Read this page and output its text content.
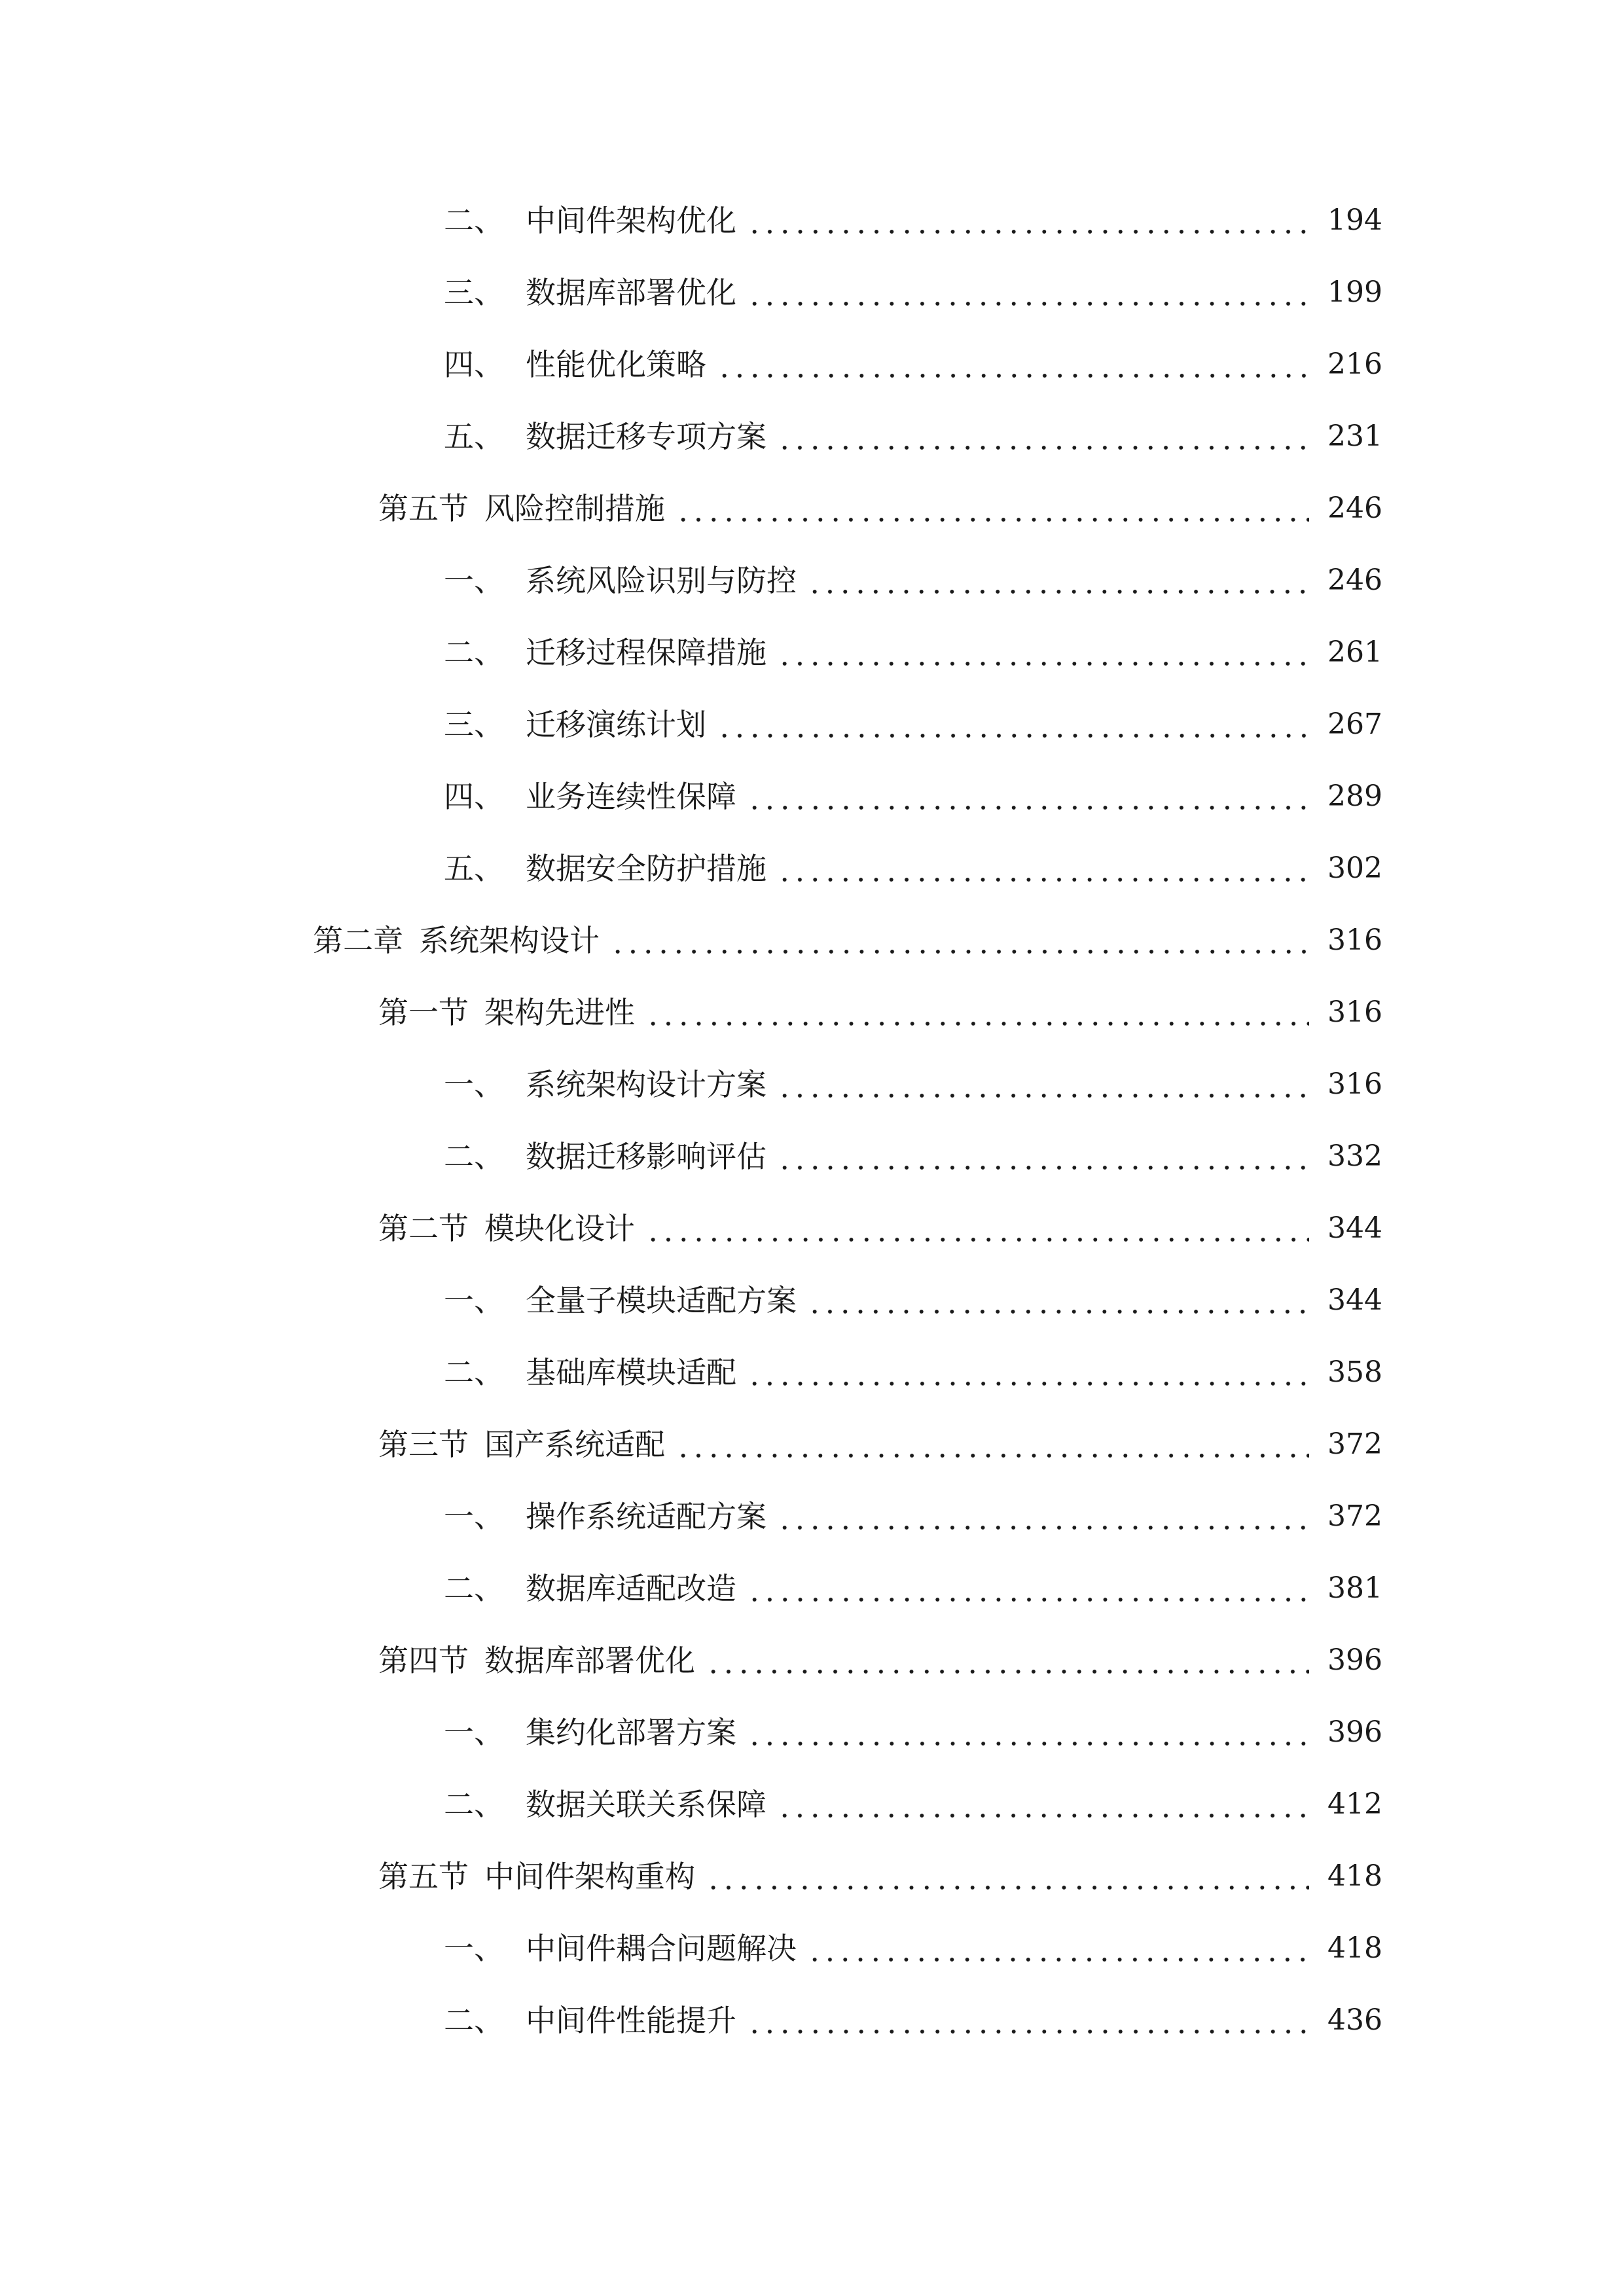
二、 中间件架构优化	194
三、 数据库部署优化	199
四、 性能优化策略	216
五、 数据迁移专项方案	231
第五节 风险控制措施	246
一、 系统风险识别与防控	246
二、 迁移过程保障措施	261
三、 迁移演练计划	267
四、 业务连续性保障	289
五、 数据安全防护措施	302
第二章 系统架构设计	316
第一节 架构先进性	316
一、 系统架构设计方案	316
二、 数据迁移影响评估	332
第二节 模块化设计	344
一、 全量子模块适配方案	344
二、 基础库模块适配	358
第三节 国产系统适配	372
一、 操作系统适配方案	372
二、 数据库适配改造	381
第四节 数据库部署优化	396
一、 集约化部署方案	396
二、 数据关联关系保障	412
第五节 中间件架构重构	418
一、 中间件耦合问题解决	418
二、 中间件性能提升	436
